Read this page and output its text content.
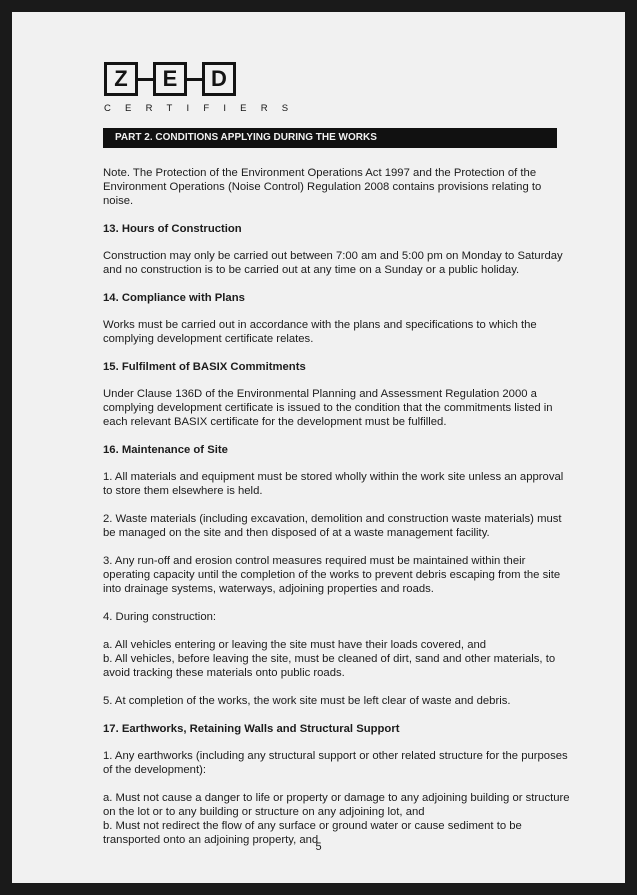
Z	E	D
CERTIFIERS
PART 2. CONDITIONS APPLYING DURING THE WORKS

Note. The Protection of the Environment Operations Act 1997 and the Protection of the Environment Operations (Noise Control) Regulation 2008 contains provisions relating to noise.

13. Hours of Construction

Construction may only be carried out between 7:00 am and 5:00 pm on Monday to Saturday and no construction is to be carried out at any time on a Sunday or a public holiday.

14. Compliance with Plans

Works must be carried out in accordance with the plans and specifications to which the complying development certificate relates.

15. Fulfilment of BASIX Commitments

Under Clause 136D of the Environmental Planning and Assessment Regulation 2000 a complying development certificate is issued to the condition that the commitments listed in each relevant BASIX certificate for the development must be fulfilled.

16. Maintenance of Site

1. All materials and equipment must be stored wholly within the work site unless an approval to store them elsewhere is held.

2. Waste materials (including excavation, demolition and construction waste materials) must be managed on the site and then disposed of at a waste management facility.

3. Any run-off and erosion control measures required must be maintained within their operating capacity until the completion of the works to prevent debris escaping from the site into drainage systems, waterways, adjoining properties and roads.

4. During construction:

a. All vehicles entering or leaving the site must have their loads covered, and

b. All vehicles, before leaving the site, must be cleaned of dirt, sand and other materials, to avoid tracking these materials onto public roads.

5. At completion of the works, the work site must be left clear of waste and debris.

17. Earthworks, Retaining Walls and Structural Support

1. Any earthworks (including any structural support or other related structure for the purposes of the development):

a. Must not cause a danger to life or property or damage to any adjoining building or structure on the lot or to any building or structure on any adjoining lot, and

b. Must not redirect the flow of any surface or ground water or cause sediment to be transported onto an adjoining property, and

5
